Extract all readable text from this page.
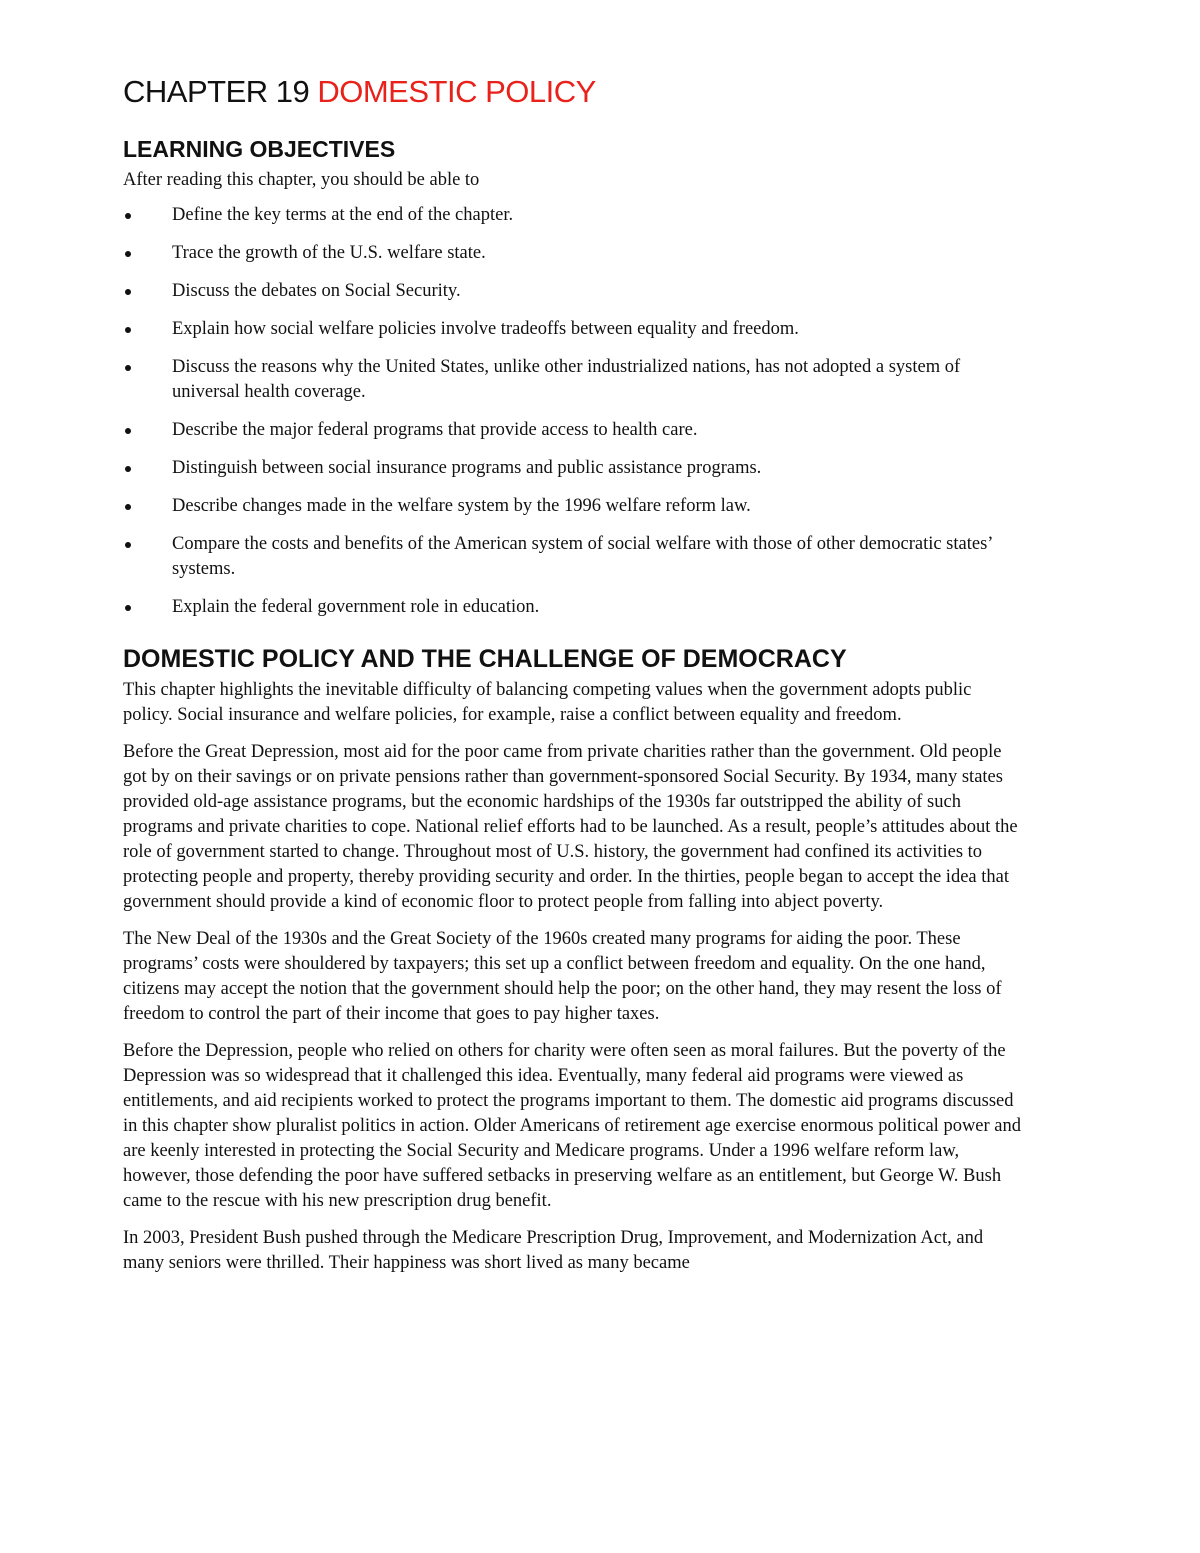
CHAPTER 19 DOMESTIC POLICY
LEARNING OBJECTIVES

After reading this chapter, you should be able to

Define the key terms at the end of the chapter.
Trace the growth of the U.S. welfare state.
Discuss the debates on Social Security.
Explain how social welfare policies involve tradeoffs between equality and freedom.
Discuss the reasons why the United States, unlike other industrialized nations, has not adopted a system of universal health coverage.
Describe the major federal programs that provide access to health care.
Distinguish between social insurance programs and public assistance programs.
Describe changes made in the welfare system by the 1996 welfare reform law.
Compare the costs and benefits of the American system of social welfare with those of other democratic states’ systems.
Explain the federal government role in education.
DOMESTIC POLICY AND THE CHALLENGE OF DEMOCRACY

This chapter highlights the inevitable difficulty of balancing competing values when the government adopts public policy. Social insurance and welfare policies, for example, raise a conflict between equality and freedom.

Before the Great Depression, most aid for the poor came from private charities rather than the government. Old people got by on their savings or on private pensions rather than government-sponsored Social Security. By 1934, many states provided old-age assistance programs, but the economic hardships of the 1930s far outstripped the ability of such programs and private charities to cope. National relief efforts had to be launched. As a result, people’s attitudes about the role of government started to change. Throughout most of U.S. history, the government had confined its activities to protecting people and property, thereby providing security and order. In the thirties, people began to accept the idea that government should provide a kind of economic floor to protect people from falling into abject poverty.

The New Deal of the 1930s and the Great Society of the 1960s created many programs for aiding the poor. These programs’ costs were shouldered by taxpayers; this set up a conflict between freedom and equality. On the one hand, citizens may accept the notion that the government should help the poor; on the other hand, they may resent the loss of freedom to control the part of their income that goes to pay higher taxes.

Before the Depression, people who relied on others for charity were often seen as moral failures. But the poverty of the Depression was so widespread that it challenged this idea. Eventually, many federal aid programs were viewed as entitlements, and aid recipients worked to protect the programs important to them. The domestic aid programs discussed in this chapter show pluralist politics in action. Older Americans of retirement age exercise enormous political power and are keenly interested in protecting the Social Security and Medicare programs. Under a 1996 welfare reform law, however, those defending the poor have suffered setbacks in preserving welfare as an entitlement, but George W. Bush came to the rescue with his new prescription drug benefit.

In 2003, President Bush pushed through the Medicare Prescription Drug, Improvement, and Modernization Act, and many seniors were thrilled. Their happiness was short lived as many became
